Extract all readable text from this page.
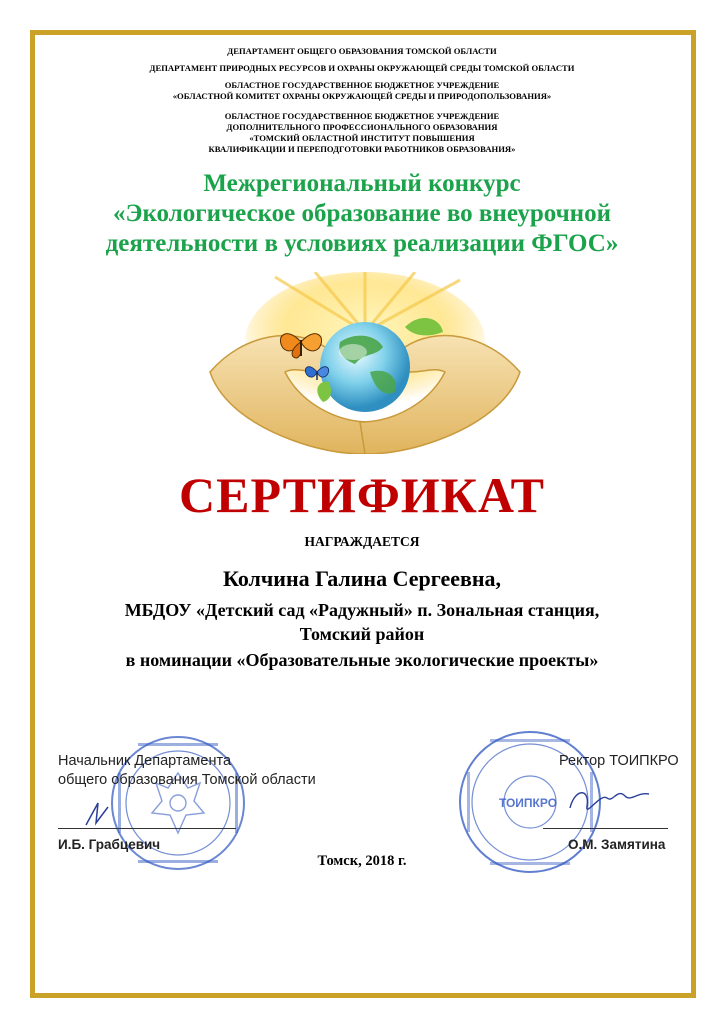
ДЕПАРТАМЕНТ ОБЩЕГО ОБРАЗОВАНИЯ ТОМСКОЙ ОБЛАСТИ
ДЕПАРТАМЕНТ ПРИРОДНЫХ РЕСУРСОВ И ОХРАНЫ ОКРУЖАЮЩЕЙ СРЕДЫ ТОМСКОЙ ОБЛАСТИ
ОБЛАСТНОЕ ГОСУДАРСТВЕННОЕ БЮДЖЕТНОЕ УЧРЕЖДЕНИЕ
«ОБЛАСТНОЙ КОМИТЕТ ОХРАНЫ ОКРУЖАЮЩЕЙ СРЕДЫ И ПРИРОДОПОЛЬЗОВАНИЯ»
ОБЛАСТНОЕ ГОСУДАРСТВЕННОЕ БЮДЖЕТНОЕ УЧРЕЖДЕНИЕ
ДОПОЛНИТЕЛЬНОГО ПРОФЕССИОНАЛЬНОГО ОБРАЗОВАНИЯ
«ТОМСКИЙ ОБЛАСТНОЙ ИНСТИТУТ ПОВЫШЕНИЯ
КВАЛИФИКАЦИИ И ПЕРЕПОДГОТОВКИ РАБОТНИКОВ ОБРАЗОВАНИЯ»
Межрегиональный конкурс
«Экологическое образование во внеурочной
деятельности в условиях реализации ФГОС»
СЕРТИФИКАТ
НАГРАЖДАЕТСЯ
Колчина Галина Сергеевна,
МБДОУ «Детский сад «Радужный» п. Зональная станция,
Томский район
в номинации «Образовательные экологические проекты»
ТОИПКРО
Начальник Департамента
общего образования Томской области
И.Б. Грабцевич
Ректор ТОИПКРО
О.М. Замятина
Томск, 2018 г.
